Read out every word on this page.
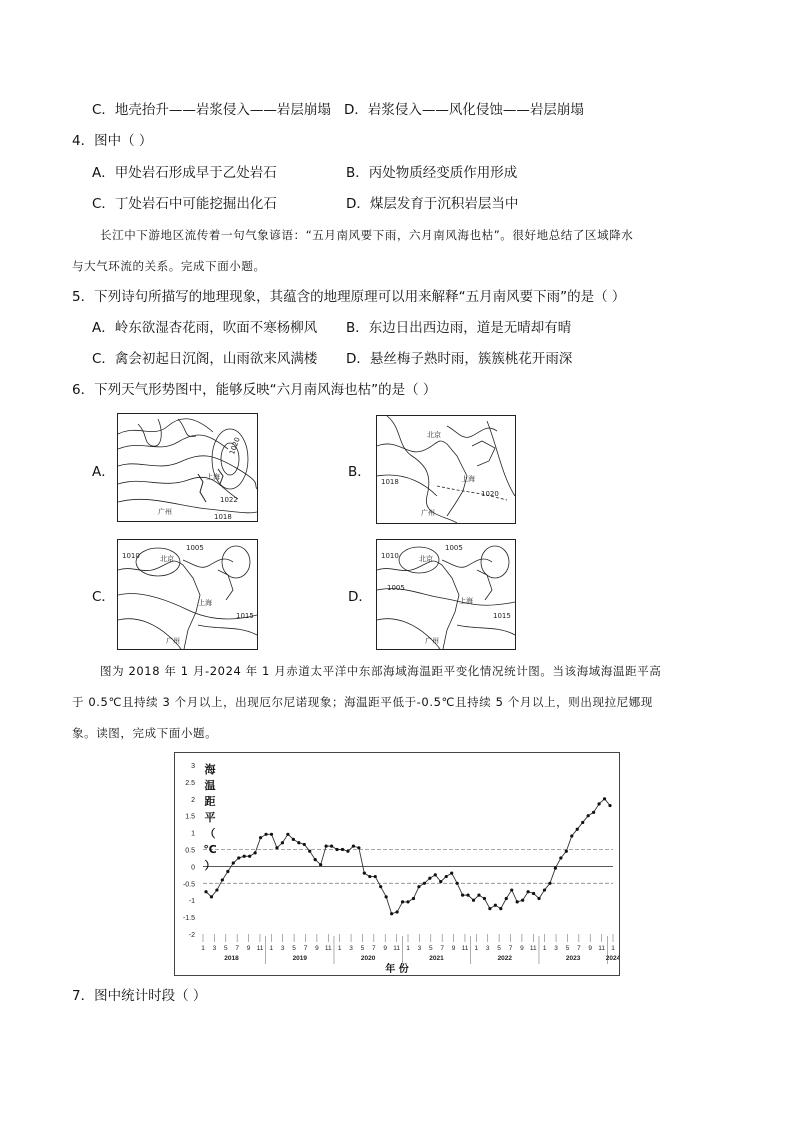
C．地壳抬升——岩浆侵入——岩层崩塌 D．岩浆侵入——风化侵蚀——岩层崩塌
4．图中（ ）
A．甲处岩石形成早于乙处岩石	B．丙处物质经变质作用形成
C．丁处岩石中可能挖掘出化石	D．煤层发育于沉积岩层当中
长江中下游地区流传着一句气象谚语：“五月南风要下雨，六月南风海也枯”。很好地总结了区域降水
与大气环流的关系。完成下面小题。
5．下列诗句所描写的地理现象，其蕴含的地理原理可以用来解释“五月南风要下雨”的是（ ）
A．岭东欲湿杏花雨，吹面不寒杨柳风 B．东边日出西边雨，道是无晴却有晴
C．禽会初起日沉阁，山雨欲来风满楼 D．悬丝梅子熟时雨，簇簇桃花开雨深
6．下列天气形势图中，能够反映“六月南风海也枯”的是（ ）
A．	上海
广州
1022
1018
1020
B．
北京
上海
广州
1018
1020
C．
1010	北京
1005
上海
1015
广州
D．
1010	北京
1005
1005
上海
1015
广州
图为 2018 年 1 月-2024 年 1 月赤道太平洋中东部海域海温距平变化情况统计图。当该海域海温距平高
于 0.5℃且持续 3 个月以上，出现厄尔尼诺现象；海温距平低于-0.5℃且持续 5 个月以上，则出现拉尼娜现
象。读图，完成下面小题。
3
2.5
2
1.5
1
0.5
0
-0.5
-1
-1.5
-2
海
温
距
平
（
℃
）
1 3 5 7 9 11 1 3 5 7 9 11 1 3 5 7 9 11 1 3 5 7 9 11 1 3 5 7 9 11 1 3 5 7 9 11 1
2018	2019	2020	2021	2022	2023	2024
年 份
7．图中统计时段（ ）
